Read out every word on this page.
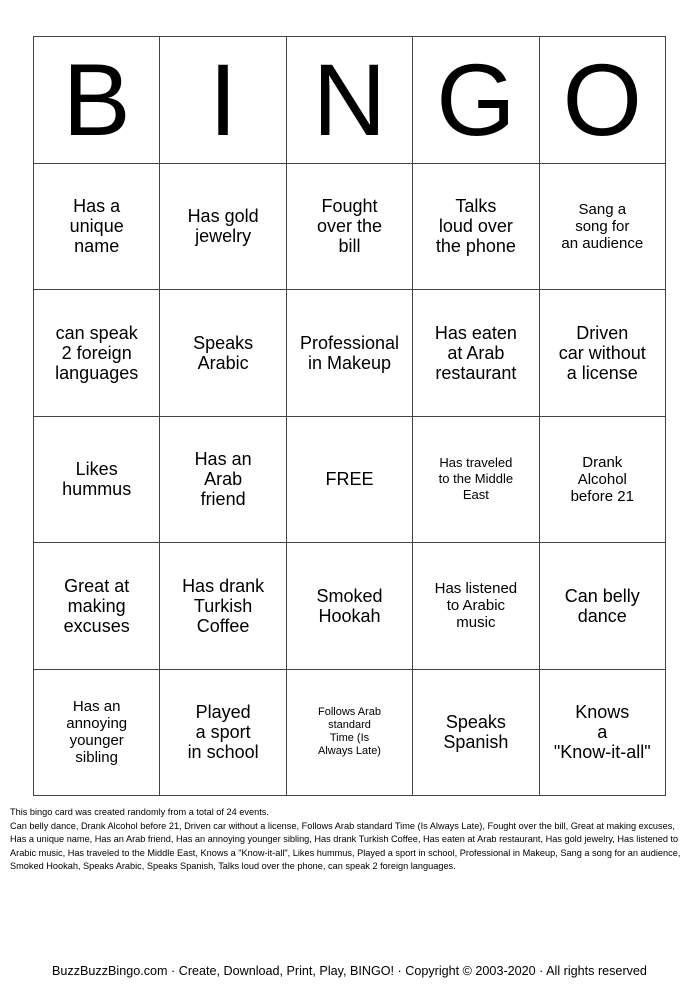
B I N G O
Has a
unique
name
Has gold
jewelry
Fought
over the
bill
Talks
loud over
the phone
Sang a
song for
an audience
can speak
2 foreign
languages
Speaks
Arabic
Professional
in Makeup
Has eaten
at Arab
restaurant
Driven
car without
a license
Likes
hummus
Has an
Arab
friend
FREE
Has traveled
to the Middle
East
Drank
Alcohol
before 21
Great at
making
excuses
Has drank
Turkish
Coffee
Smoked
Hookah
Has listened
to Arabic
music
Can belly
dance
Has an
annoying
younger
sibling
Played
a sport
in school
Follows Arab
standard
Time (Is
Always Late)
Speaks
Spanish
Knows
a
"Know-it-all"

This bingo card was created randomly from a total of 24 events.

Can belly dance, Drank Alcohol before 21, Driven car without a license, Follows Arab standard Time (Is Always Late), Fought over the bill, Great at making excuses, Has a unique name, Has an Arab friend, Has an annoying younger sibling, Has drank Turkish Coffee, Has eaten at Arab restaurant, Has gold jewelry, Has listened to Arabic music, Has traveled to the Middle East, Knows a "Know-it-all", Likes hummus, Played a sport in school, Professional in Makeup, Sang a song for an audience, Smoked Hookah, Speaks Arabic, Speaks Spanish, Talks loud over the phone, can speak 2 foreign languages.

BuzzBuzzBingo.com · Create, Download, Print, Play, BINGO! · Copyright © 2003-2020 · All rights reserved
